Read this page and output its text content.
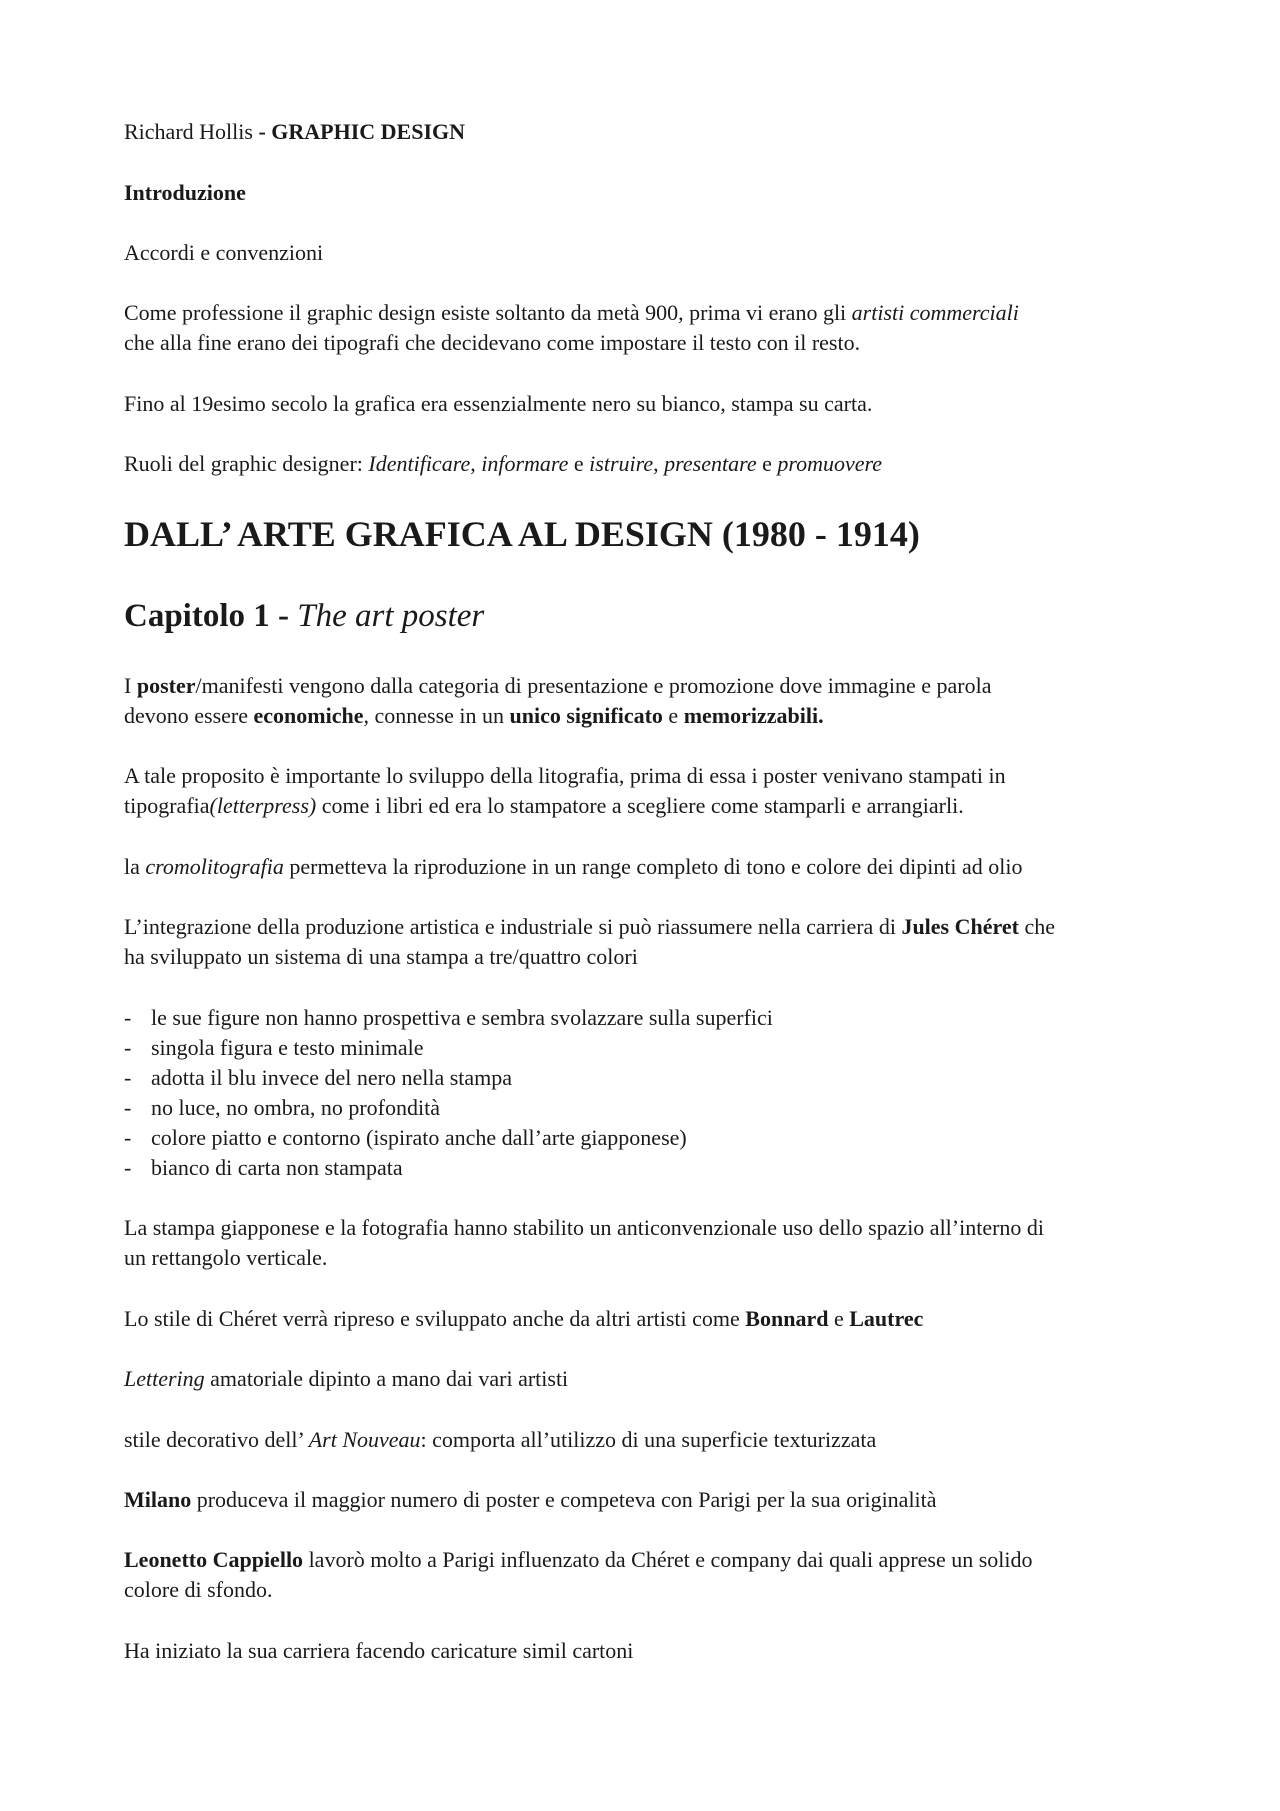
Richard Hollis - GRAPHIC DESIGN
Introduzione
Accordi e convenzioni
Come professione il graphic design esiste soltanto da metà 900, prima vi erano gli artisti commerciali
che alla fine erano dei tipografi che decidevano come impostare il testo con il resto.
Fino al 19esimo secolo la grafica era essenzialmente nero su bianco, stampa su carta.
Ruoli del graphic designer: Identificare, informare e istruire, presentare e promuovere
DALL’ ARTE GRAFICA AL DESIGN (1980 - 1914)
Capitolo 1 - The art poster
I poster/manifesti vengono dalla categoria di presentazione e promozione dove immagine e parola
devono essere economiche, connesse in un unico significato e memorizzabili.
A tale proposito è importante lo sviluppo della litografia, prima di essa i poster venivano stampati in
tipografia(letterpress) come i libri ed era lo stampatore a scegliere come stamparli e arrangiarli.
la cromolitografia permetteva la riproduzione in un range completo di tono e colore dei dipinti ad olio
L’integrazione della produzione artistica e industriale si può riassumere nella carriera di Jules Chéret che
ha sviluppato un sistema di una stampa a tre/quattro colori
- le sue figure non hanno prospettiva e sembra svolazzare sulla superfici
- singola figura e testo minimale
- adotta il blu invece del nero nella stampa
- no luce, no ombra, no profondità
- colore piatto e contorno (ispirato anche dall’arte giapponese)
- bianco di carta non stampata
La stampa giapponese e la fotografia hanno stabilito un anticonvenzionale uso dello spazio all’interno di
un rettangolo verticale.
Lo stile di Chéret verrà ripreso e sviluppato anche da altri artisti come Bonnard e Lautrec
Lettering amatoriale dipinto a mano dai vari artisti
stile decorativo dell’ Art Nouveau: comporta all’utilizzo di una superficie texturizzata
Milano produceva il maggior numero di poster e competeva con Parigi per la sua originalità
Leonetto Cappiello lavorò molto a Parigi influenzato da Chéret e company dai quali apprese un solido
colore di sfondo.
Ha iniziato la sua carriera facendo caricature simil cartoni
